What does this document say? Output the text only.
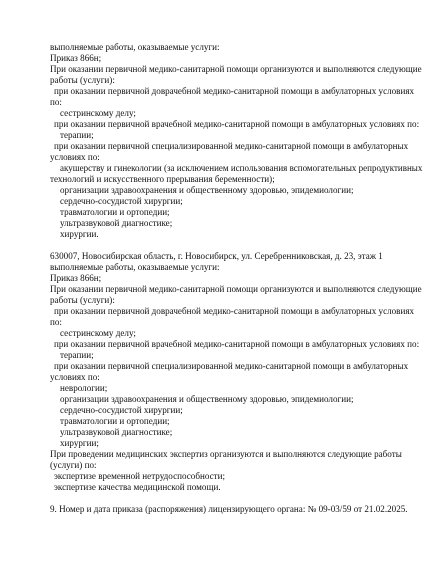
выполняемые работы, оказываемые услуги:
Приказ 866н;
При оказании первичной медико-санитарной помощи организуются и выполняются следующие
работы (услуги):
при оказании первичной доврачебной медико-санитарной помощи в амбулаторных условиях
по:
сестринскому делу;
при оказании первичной врачебной медико-санитарной помощи в амбулаторных условиях по:
терапии;
при оказании первичной специализированной медико-санитарной помощи в амбулаторных
условиях по:
акушерству и гинекологии (за исключением использования вспомогательных репродуктивных
технологий и искусственного прерывания беременности);
организации здравоохранения и общественному здоровью, эпидемиологии;
сердечно-сосудистой хирургии;
травматологии и ортопедии;
ультразвуковой диагностике;
хирургии.
630007, Новосибирская область, г. Новосибирск, ул. Серебренниковская, д. 23, этаж 1
выполняемые работы, оказываемые услуги:
Приказ 866н;
При оказании первичной медико-санитарной помощи организуются и выполняются следующие
работы (услуги):
при оказании первичной доврачебной медико-санитарной помощи в амбулаторных условиях
по:
сестринскому делу;
при оказании первичной врачебной медико-санитарной помощи в амбулаторных условиях по:
терапии;
при оказании первичной специализированной медико-санитарной помощи в амбулаторных
условиях по:
неврологии;
организации здравоохранения и общественному здоровью, эпидемиологии;
сердечно-сосудистой хирургии;
травматологии и ортопедии;
ультразвуковой диагностике;
хирургии;
При проведении медицинских экспертиз организуются и выполняются следующие работы
(услуги) по:
экспертизе временной нетрудоспособности;
экспертизе качества медицинской помощи.
9. Номер и дата приказа (распоряжения) лицензирующего органа: № 09-03/59 от 21.02.2025.
